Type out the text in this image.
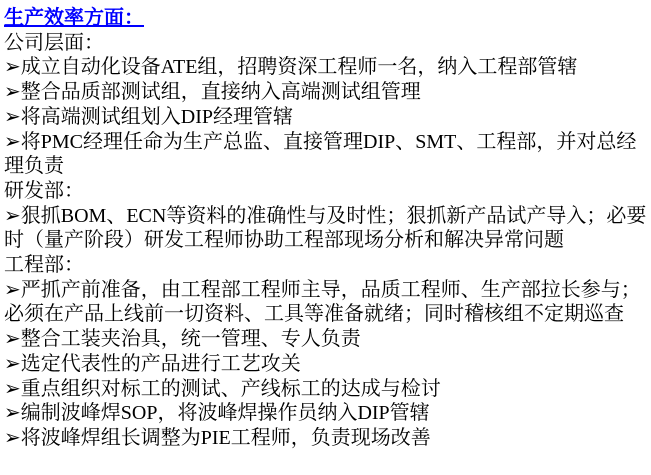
生产效率方面：
公司层面：
➢成立自动化设备ATE组，招聘资深工程师一名，纳入工程部管辖
➢整合品质部测试组，直接纳入高端测试组管理
➢将高端测试组划入DIP经理管辖
➢将PMC经理任命为生产总监、直接管理DIP、SMT、工程部，并对总经理负责
研发部：
➢狠抓BOM、ECN等资料的准确性与及时性；狠抓新产品试产导入；必要时（量产阶段）研发工程师协助工程部现场分析和解决异常问题
工程部：
➢严抓产前准备，由工程部工程师主导，品质工程师、生产部拉长参与；必须在产品上线前一切资料、工具等准备就绪；同时稽核组不定期巡查
➢整合工装夹治具，统一管理、专人负责
➢选定代表性的产品进行工艺攻关
➢重点组织对标工的测试、产线标工的达成与检讨
➢编制波峰焊SOP，将波峰焊操作员纳入DIP管辖
➢将波峰焊组长调整为PIE工程师，负责现场改善
